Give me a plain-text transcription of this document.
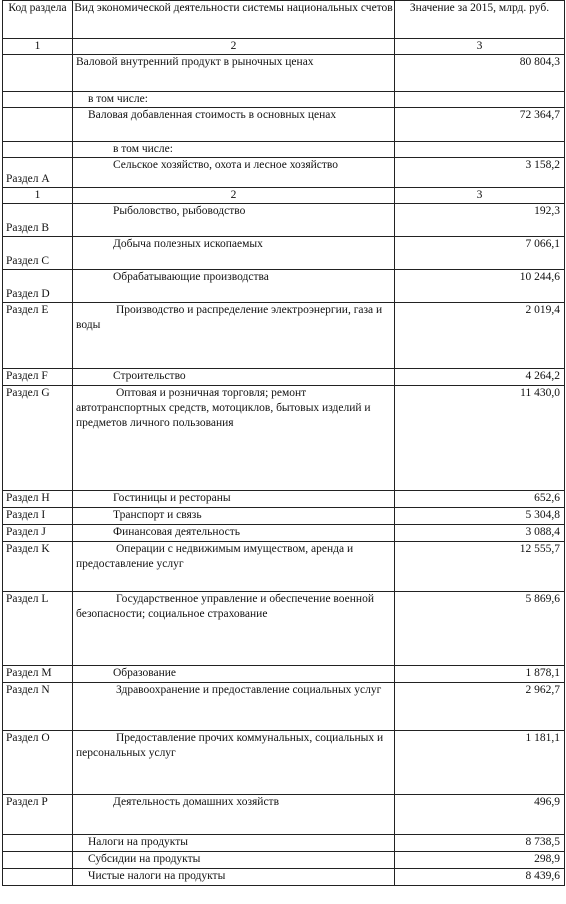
Код раздела	Вид экономической деятельности системы национальных счетов	Значение за 2015, млрд. руб.
1	2	3
	Валовой внутренний продукт в рыночных ценах	80 804,3
	в том числе:	
	Валовая добавленная стоимость в основных ценах	72 364,7
	в том числе:	
Раздел A	Сельское хозяйство, охота и лесное хозяйство	3 158,2
1	2	3
Раздел B	Рыболовство, рыбоводство	192,3
Раздел C	Добыча полезных ископаемых	7 066,1
Раздел D	Обрабатывающие производства	10 244,6
Раздел E	Производство и распределение электроэнергии, газа и воды	2 019,4
Раздел F	Строительство	4 264,2
Раздел G	Оптовая и розничная торговля; ремонт автотранспортных средств, мотоциклов, бытовых изделий и предметов личного пользования	11 430,0
Раздел H	Гостиницы и рестораны	652,6
Раздел I	Транспорт и связь	5 304,8
Раздел J	Финансовая деятельность	3 088,4
Раздел K	Операции с недвижимым имуществом, аренда и предоставление услуг	12 555,7
Раздел L	Государственное управление и обеспечение военной безопасности; социальное страхование	5 869,6
Раздел M	Образование	1 878,1
Раздел N	Здравоохранение и предоставление социальных услуг	2 962,7
Раздел O	Предоставление прочих коммунальных, социальных и персональных услуг	1 181,1
Раздел P	Деятельность домашних хозяйств	496,9
	Налоги на продукты	8 738,5
	Субсидии на продукты	298,9
	Чистые налоги на продукты	8 439,6
